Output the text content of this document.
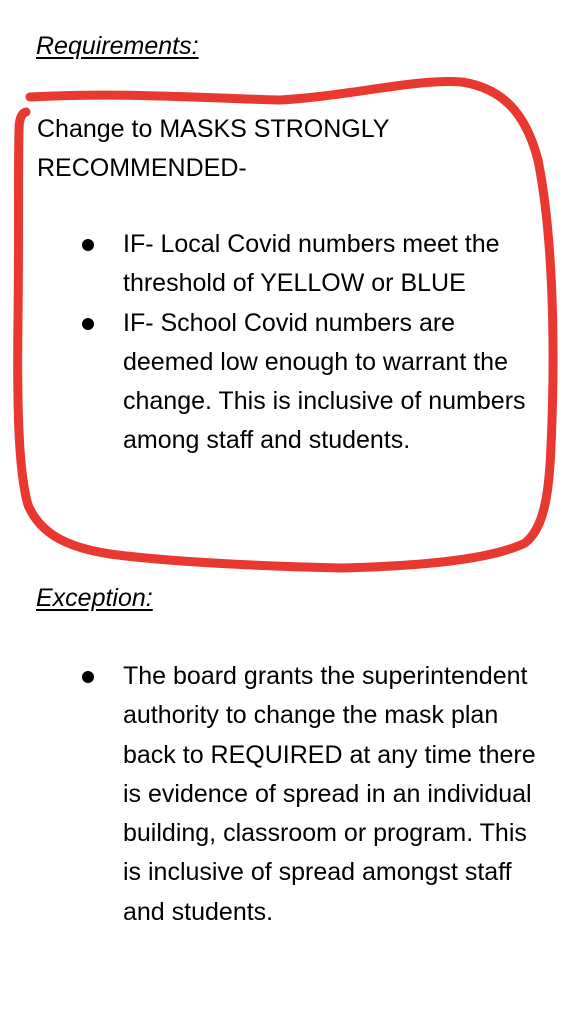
Requirements:

Change to MASKS STRONGLY RECOMMENDED-

IF- Local Covid numbers meet the threshold of YELLOW or BLUE
IF- School Covid numbers are deemed low enough to warrant the change. This is inclusive of numbers among staff and students.
Exception:
The board grants the superintendent authority to change the mask plan back to REQUIRED at any time there is evidence of spread in an individual building, classroom or program. This is inclusive of spread amongst staff and students.
